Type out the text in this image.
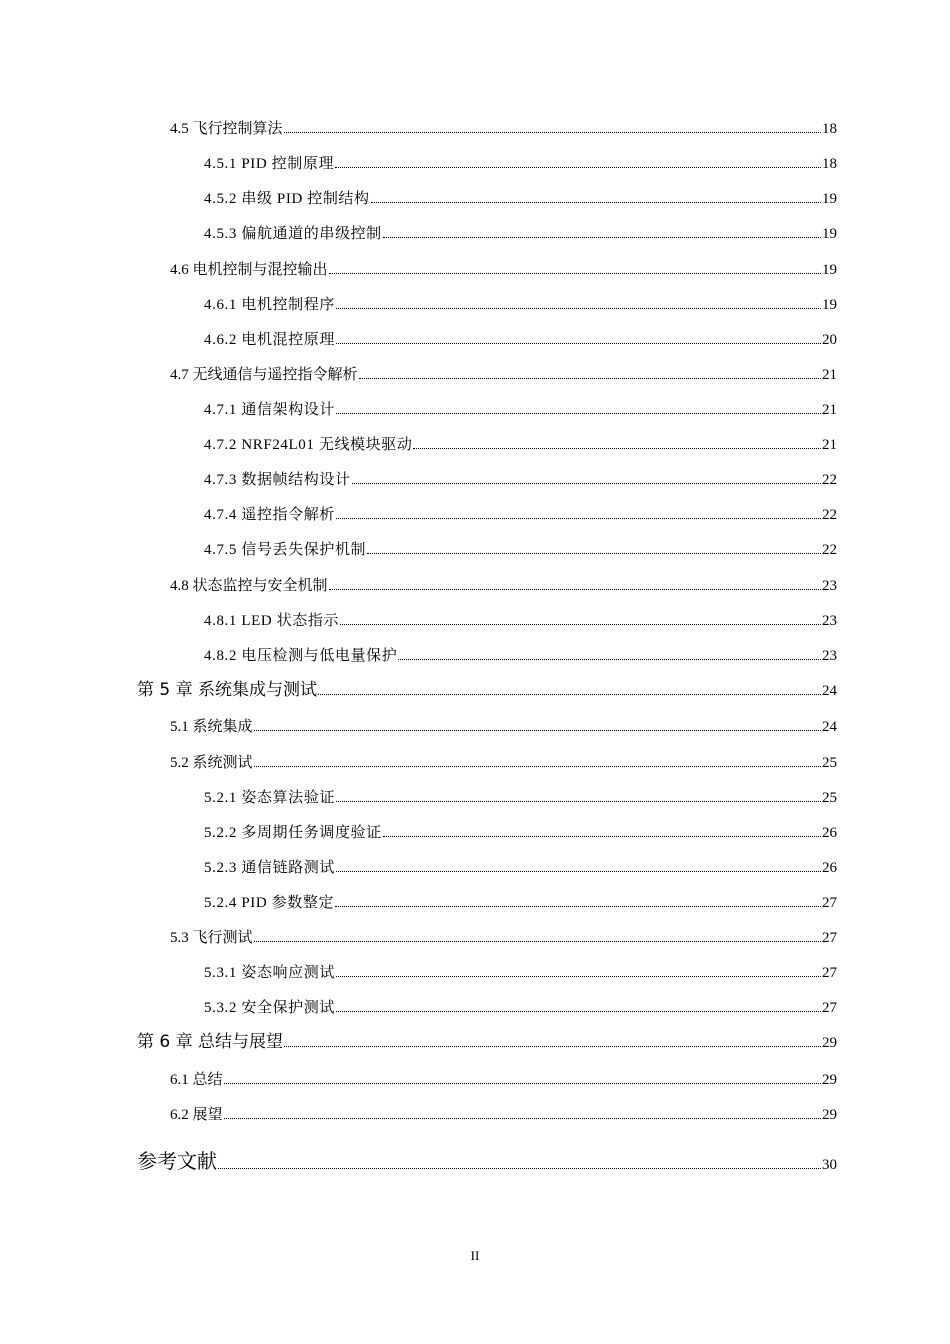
4.5 飞行控制算法	18
4.5.1 PID 控制原理	18
4.5.2 串级 PID 控制结构	19
4.5.3 偏航通道的串级控制	19
4.6 电机控制与混控输出	19
4.6.1 电机控制程序	19
4.6.2 电机混控原理	20
4.7 无线通信与遥控指令解析	21
4.7.1 通信架构设计	21
4.7.2 NRF24L01 无线模块驱动	21
4.7.3 数据帧结构设计	22
4.7.4 遥控指令解析	22
4.7.5 信号丢失保护机制	22
4.8 状态监控与安全机制	23
4.8.1 LED 状态指示	23
4.8.2 电压检测与低电量保护	23
第 5 章 系统集成与测试	24
5.1 系统集成	24
5.2 系统测试	25
5.2.1 姿态算法验证	25
5.2.2 多周期任务调度验证	26
5.2.3 通信链路测试	26
5.2.4 PID 参数整定	27
5.3 飞行测试	27
5.3.1 姿态响应测试	27
5.3.2 安全保护测试	27
第 6 章 总结与展望	29
6.1 总结	29
6.2 展望	29
参考文献	30
II
